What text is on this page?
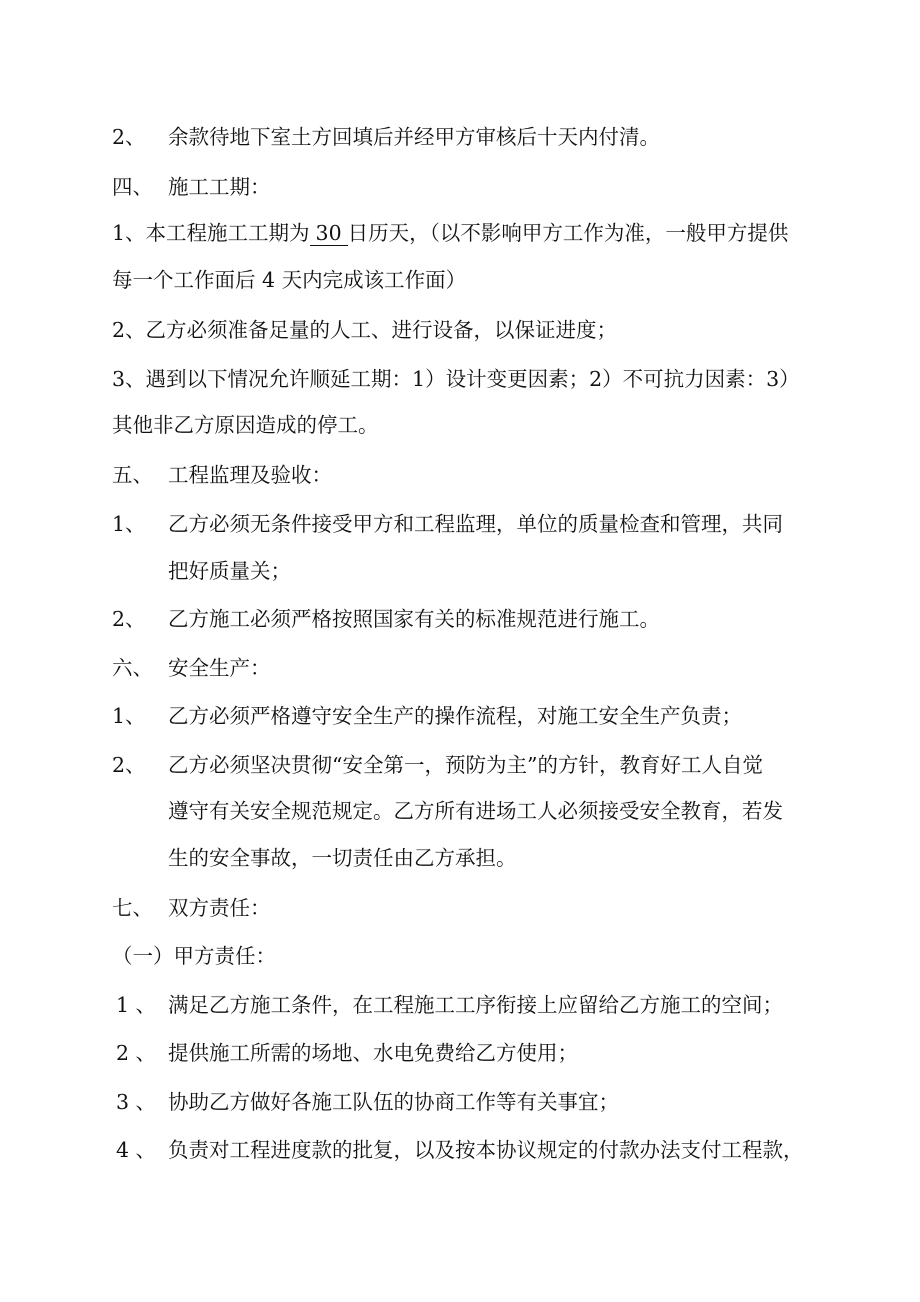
2、 余款待地下室土方回填后并经甲方审核后十天内付清。
四、 施工工期：
1、本工程施工工期为 30 日历天，（以不影响甲方工作为准，一般甲方提供
每一个工作面后 4 天内完成该工作面）
2、乙方必须准备足量的人工、进行设备，以保证进度；
3、遇到以下情况允许顺延工期：1）设计变更因素；2）不可抗力因素：3）
其他非乙方原因造成的停工。
五、 工程监理及验收：
1、 乙方必须无条件接受甲方和工程监理，单位的质量检查和管理，共同
把好质量关；
2、 乙方施工必须严格按照国家有关的标准规范进行施工。
六、 安全生产：
1、 乙方必须严格遵守安全生产的操作流程，对施工安全生产负责；
2、 乙方必须坚决贯彻“安全第一，预防为主”的方针，教育好工人自觉
遵守有关安全规范规定。乙方所有进场工人必须接受安全教育，若发
生的安全事故，一切责任由乙方承担。
七、 双方责任：
（一）甲方责任：
1 、 满足乙方施工条件，在工程施工工序衔接上应留给乙方施工的空间；
2 、 提供施工所需的场地、水电免费给乙方使用；
3 、 协助乙方做好各施工队伍的协商工作等有关事宜；
4 、 负责对工程进度款的批复，以及按本协议规定的付款办法支付工程款，
